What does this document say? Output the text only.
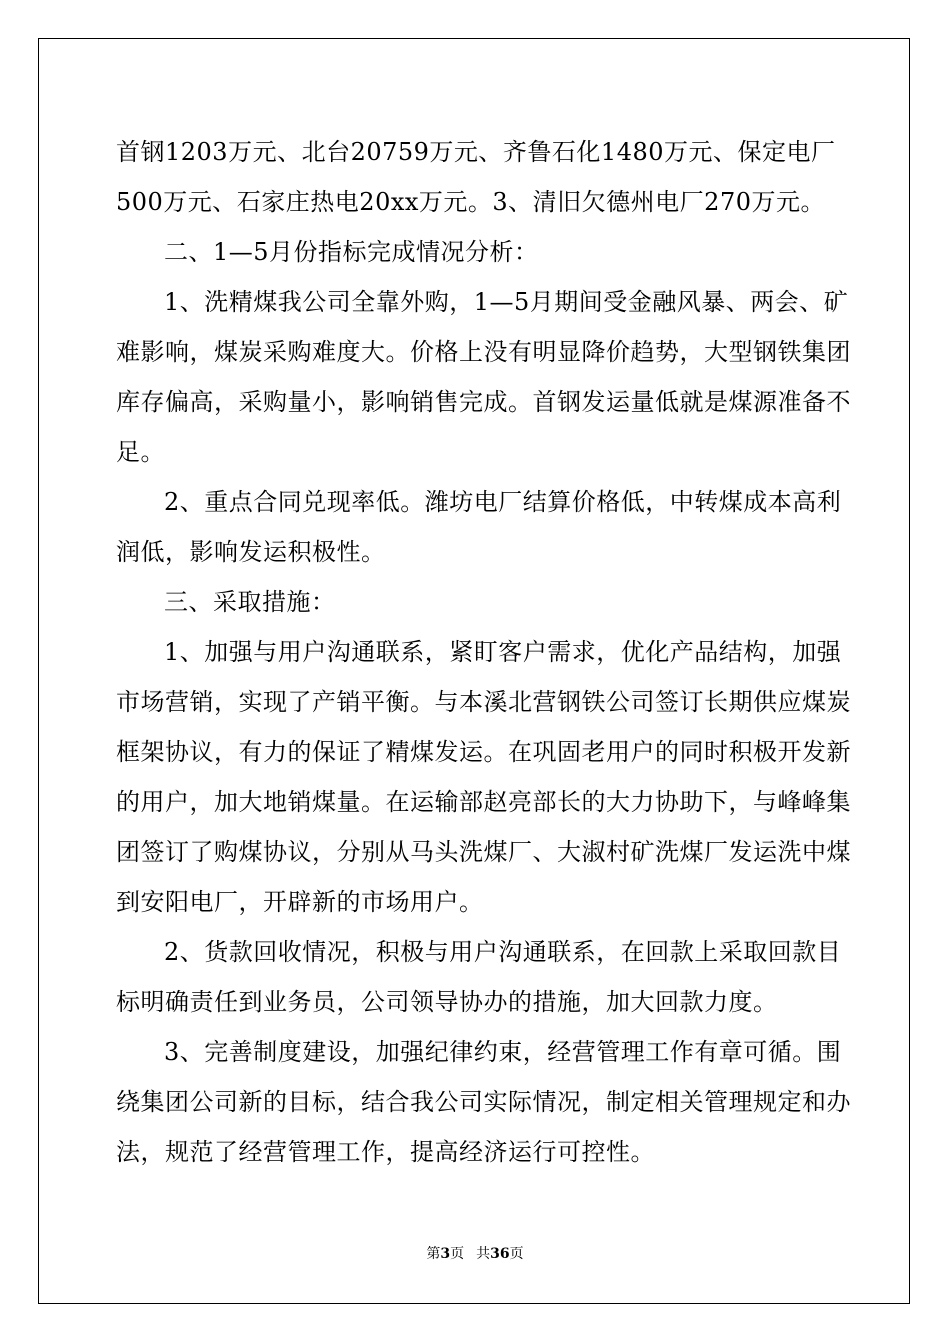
首钢1203万元、北台20759万元、齐鲁石化1480万元、保定电厂
500万元、石家庄热电20xx万元。3、清旧欠德州电厂270万元。
二、1—5月份指标完成情况分析：
1、洗精煤我公司全靠外购，1—5月期间受金融风暴、两会、矿
难影响，煤炭采购难度大。价格上没有明显降价趋势，大型钢铁集团
库存偏高，采购量小，影响销售完成。首钢发运量低就是煤源准备不
足。
2、重点合同兑现率低。潍坊电厂结算价格低，中转煤成本高利
润低，影响发运积极性。
三、采取措施：
1、加强与用户沟通联系，紧盯客户需求，优化产品结构，加强
市场营销，实现了产销平衡。与本溪北营钢铁公司签订长期供应煤炭
框架协议，有力的保证了精煤发运。在巩固老用户的同时积极开发新
的用户，加大地销煤量。在运输部赵亮部长的大力协助下，与峰峰集
团签订了购煤协议，分别从马头洗煤厂、大淑村矿洗煤厂发运洗中煤
到安阳电厂，开辟新的市场用户。
2、货款回收情况，积极与用户沟通联系，在回款上采取回款目
标明确责任到业务员，公司领导协办的措施，加大回款力度。
3、完善制度建设，加强纪律约束，经营管理工作有章可循。围
绕集团公司新的目标，结合我公司实际情况，制定相关管理规定和办
法，规范了经营管理工作，提高经济运行可控性。
第3页 共36页
